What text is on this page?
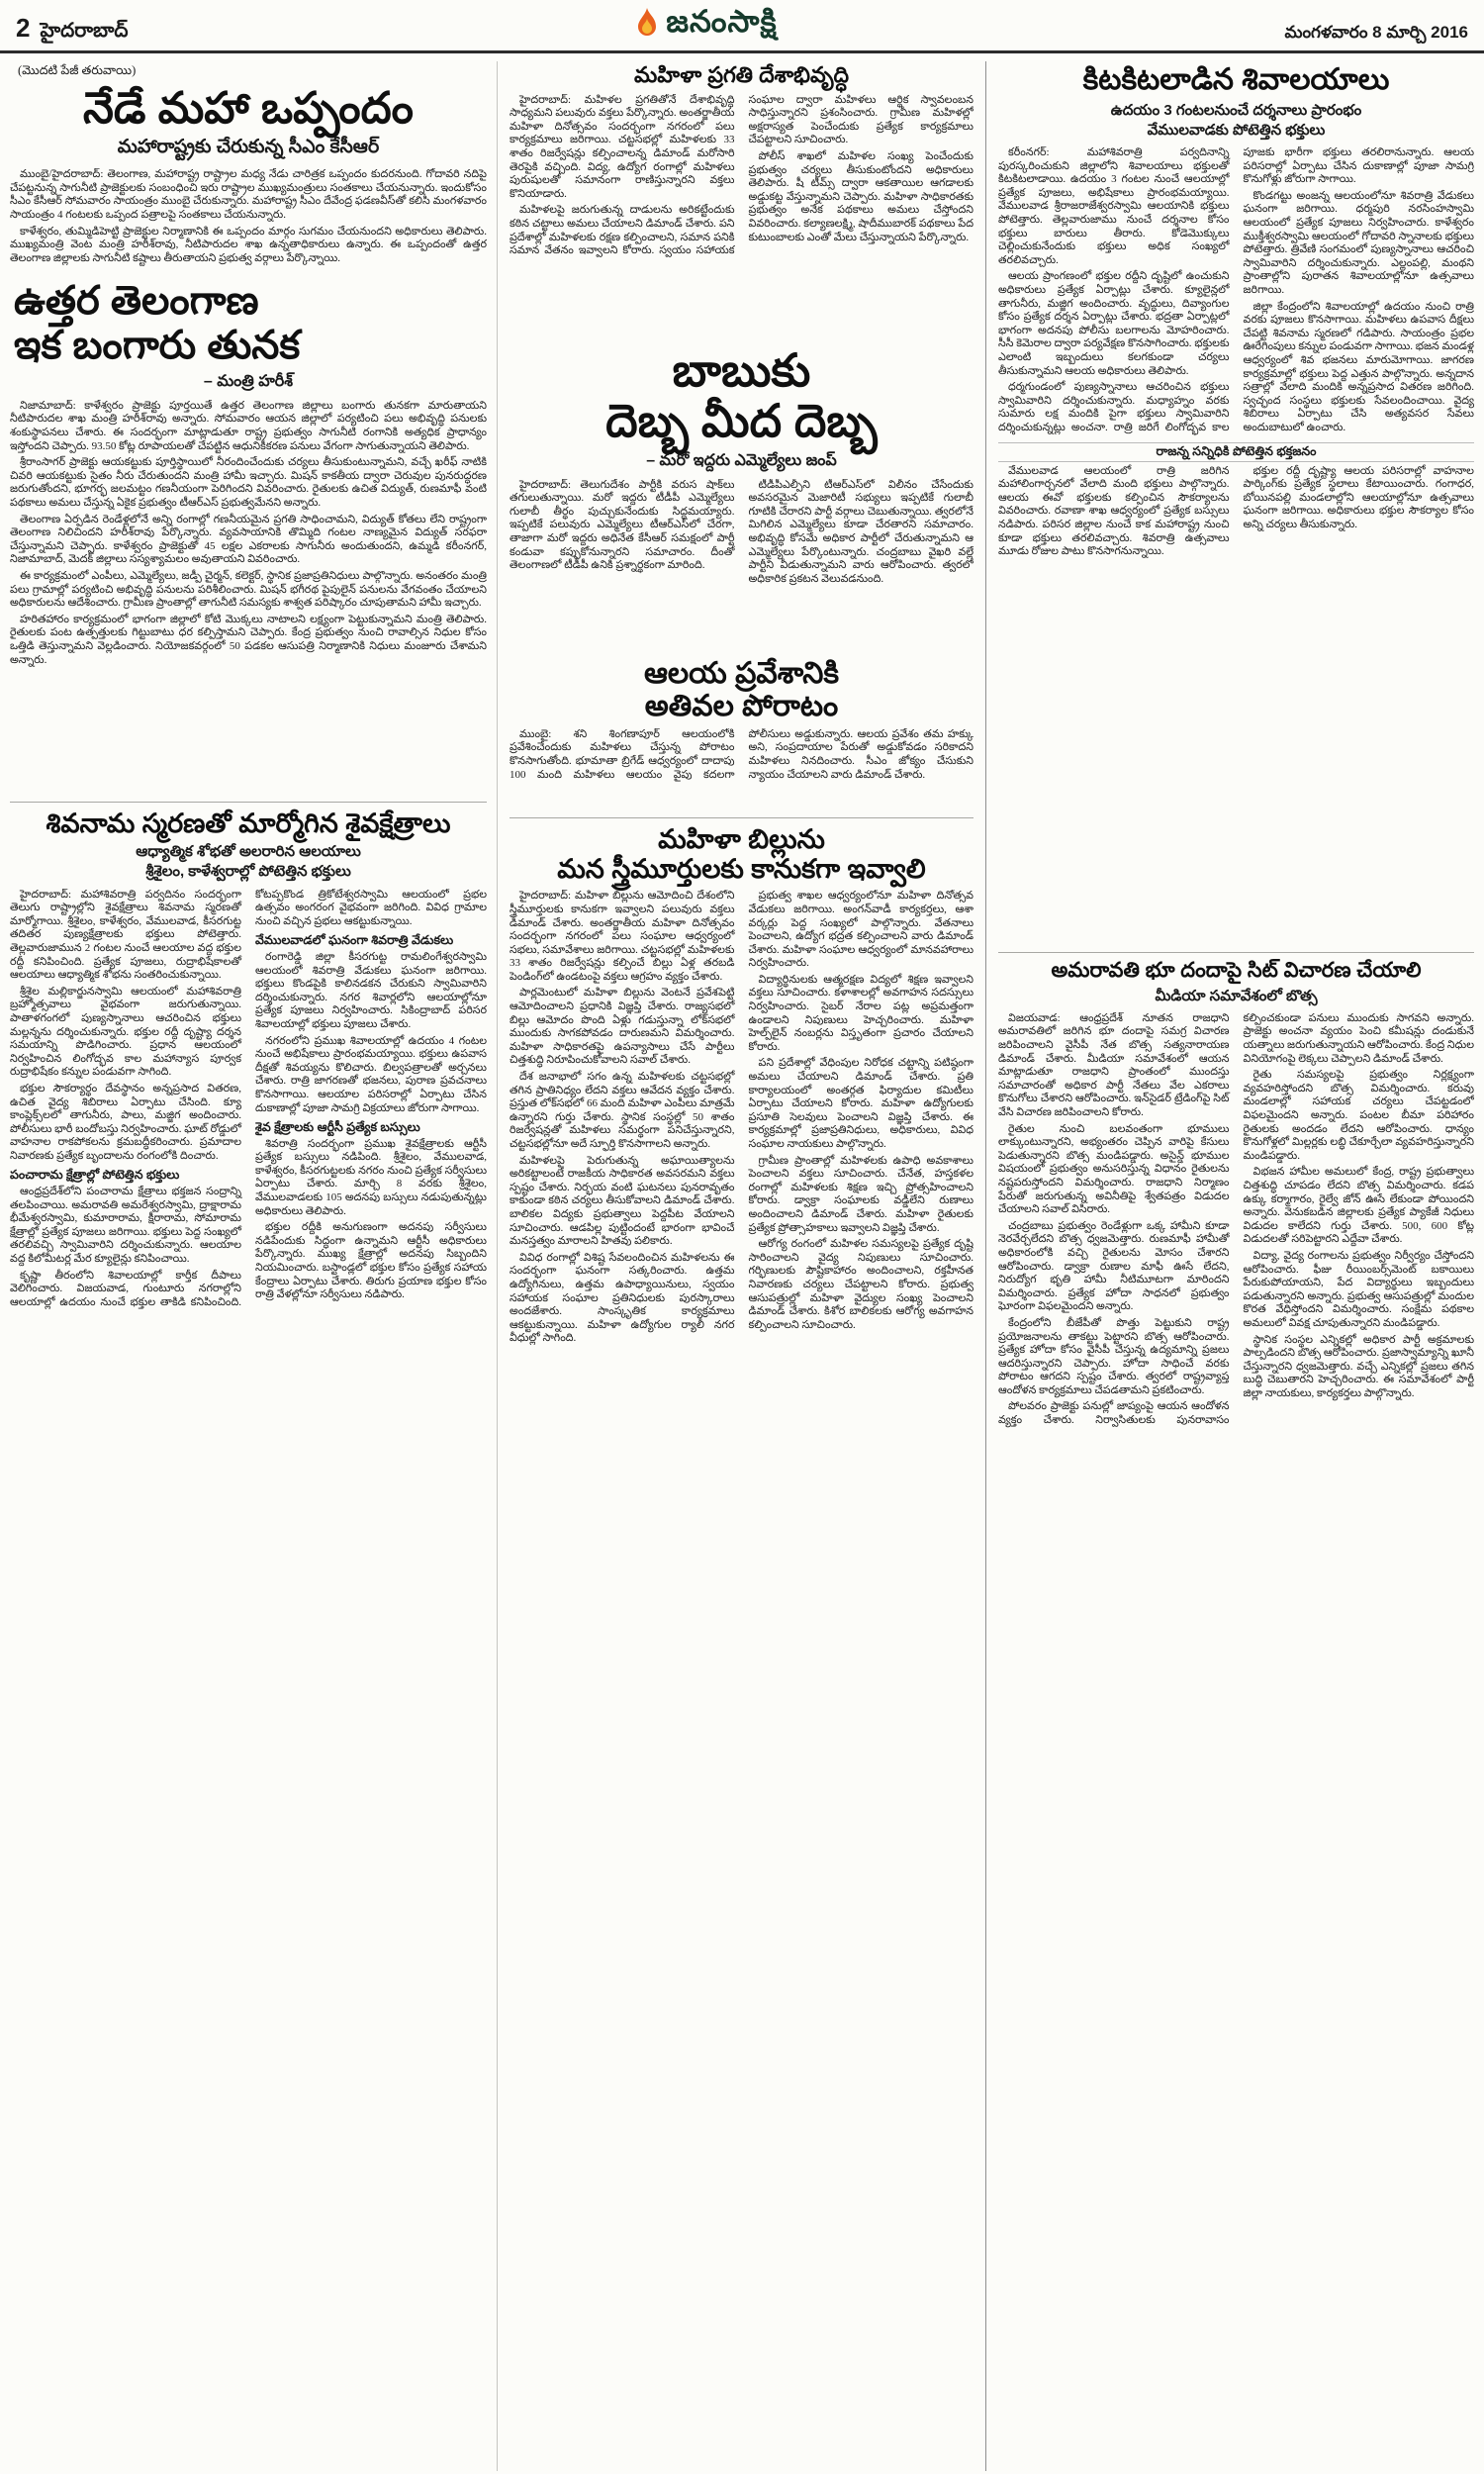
2 హైదరాబాద్	జనంసాక్షి	మంగళవారం 8 మార్చి 2016
(మొదటి పేజీ తరువాయి)
నేడే మహా ఒప్పందం
మహారాష్ట్రకు చేరుకున్న సీఎం కేసీఆర్

ముంబై/హైదరాబాద్: తెలంగాణ, మహారాష్ట్ర రాష్ట్రాల మధ్య నేడు చారిత్రక ఒప్పందం కుదరనుంది. గోదావరి నదిపై చేపట్టనున్న సాగునీటి ప్రాజెక్టులకు సంబంధించి ఇరు రాష్ట్రాల ముఖ్యమంత్రులు సంతకాలు చేయనున్నారు. ఇందుకోసం సీఎం కేసీఆర్ సోమవారం సాయంత్రం ముంబై చేరుకున్నారు. మహారాష్ట్ర సీఎం దేవేంద్ర ఫడణవీస్‌తో కలిసి మంగళవారం సాయంత్రం 4 గంటలకు ఒప్పంద పత్రాలపై సంతకాలు చేయనున్నారు.

కాళేశ్వరం, తుమ్మిడిహెట్టి ప్రాజెక్టుల నిర్మాణానికి ఈ ఒప్పందం మార్గం సుగమం చేయనుందని అధికారులు తెలిపారు. ముఖ్యమంత్రి వెంట మంత్రి హరీశ్‌రావు, నీటిపారుదల శాఖ ఉన్నతాధికారులు ఉన్నారు. ఈ ఒప్పందంతో ఉత్తర తెలంగాణ జిల్లాలకు సాగునీటి కష్టాలు తీరుతాయని ప్రభుత్వ వర్గాలు పేర్కొన్నాయి.

ఉత్తర తెలంగాణ
ఇక బంగారు తునక
– మంత్రి హరీశ్

నిజామాబాద్: కాళేశ్వరం ప్రాజెక్టు పూర్తయితే ఉత్తర తెలంగాణ జిల్లాలు బంగారు తునకగా మారుతాయని నీటిపారుదల శాఖ మంత్రి హరీశ్‌రావు అన్నారు. సోమవారం ఆయన జిల్లాలో పర్యటించి పలు అభివృద్ధి పనులకు శంకుస్థాపనలు చేశారు. ఈ సందర్భంగా మాట్లాడుతూ రాష్ట్ర ప్రభుత్వం సాగునీటి రంగానికి అత్యధిక ప్రాధాన్యం ఇస్తోందని చెప్పారు. 93.50 కోట్ల రూపాయలతో చేపట్టిన ఆధునికీకరణ పనులు వేగంగా సాగుతున్నాయని తెలిపారు.

శ్రీరాంసాగర్ ప్రాజెక్టు ఆయకట్టుకు పూర్తిస్థాయిలో నీరందించేందుకు చర్యలు తీసుకుంటున్నామని, వచ్చే ఖరీఫ్ నాటికి చివరి ఆయకట్టుకు సైతం నీరు చేరుతుందని మంత్రి హామీ ఇచ్చారు. మిషన్ కాకతీయ ద్వారా చెరువుల పునరుద్ధరణ జరుగుతోందని, భూగర్భ జలమట్టం గణనీయంగా పెరిగిందని వివరించారు. రైతులకు ఉచిత విద్యుత్, రుణమాఫీ వంటి పథకాలు అమలు చేస్తున్న ఏకైక ప్రభుత్వం టీఆర్ఎస్ ప్రభుత్వమేనని అన్నారు.

తెలంగాణ ఏర్పడిన రెండేళ్లలోనే అన్ని రంగాల్లో గణనీయమైన ప్రగతి సాధించామని, విద్యుత్ కోతలు లేని రాష్ట్రంగా తెలంగాణ నిలిచిందని హరీశ్‌రావు పేర్కొన్నారు. వ్యవసాయానికి తొమ్మిది గంటల నాణ్యమైన విద్యుత్ సరఫరా చేస్తున్నామని చెప్పారు. కాళేశ్వరం ప్రాజెక్టుతో 45 లక్షల ఎకరాలకు సాగునీరు అందుతుందని, ఉమ్మడి కరీంనగర్, నిజామాబాద్, మెదక్ జిల్లాలు సస్యశ్యామలం అవుతాయని వివరించారు.

ఈ కార్యక్రమంలో ఎంపీలు, ఎమ్మెల్యేలు, జడ్పీ చైర్మన్, కలెక్టర్, స్థానిక ప్రజాప్రతినిధులు పాల్గొన్నారు. అనంతరం మంత్రి పలు గ్రామాల్లో పర్యటించి అభివృద్ధి పనులను పరిశీలించారు. మిషన్ భగీరథ పైపులైన్ పనులను వేగవంతం చేయాలని అధికారులను ఆదేశించారు. గ్రామీణ ప్రాంతాల్లో తాగునీటి సమస్యకు శాశ్వత పరిష్కారం చూపుతామని హామీ ఇచ్చారు.

హరితహారం కార్యక్రమంలో భాగంగా జిల్లాలో కోటి మొక్కలు నాటాలని లక్ష్యంగా పెట్టుకున్నామని మంత్రి తెలిపారు. రైతులకు పంట ఉత్పత్తులకు గిట్టుబాటు ధర కల్పిస్తామని చెప్పారు. కేంద్ర ప్రభుత్వం నుంచి రావాల్సిన నిధుల కోసం ఒత్తిడి తెస్తున్నామని వెల్లడించారు. నియోజకవర్గంలో 50 పడకల ఆసుపత్రి నిర్మాణానికి నిధులు మంజూరు చేశామని అన్నారు.

శివనామ స్మరణతో మార్మోగిన శైవక్షేత్రాలు
ఆధ్యాత్మిక శోభతో అలరారిన ఆలయాలు
శ్రీశైలం, కాళేశ్వరాల్లో పోటెత్తిన భక్తులు

హైదరాబాద్: మహాశివరాత్రి పర్వదినం సందర్భంగా తెలుగు రాష్ట్రాల్లోని శైవక్షేత్రాలు శివనామ స్మరణతో మార్మోగాయి. శ్రీశైలం, కాళేశ్వరం, వేములవాడ, కీసరగుట్ట తదితర పుణ్యక్షేత్రాలకు భక్తులు పోటెత్తారు. తెల్లవారుజామున 2 గంటల నుంచే ఆలయాల వద్ద భక్తుల రద్దీ కనిపించింది. ప్రత్యేక పూజలు, రుద్రాభిషేకాలతో ఆలయాలు ఆధ్యాత్మిక శోభను సంతరించుకున్నాయి.

శ్రీశైల మల్లికార్జునస్వామి ఆలయంలో మహాశివరాత్రి బ్రహ్మోత్సవాలు వైభవంగా జరుగుతున్నాయి. పాతాళగంగలో పుణ్యస్నానాలు ఆచరించిన భక్తులు మల్లన్నను దర్శించుకున్నారు. భక్తుల రద్దీ దృష్ట్యా దర్శన సమయాన్ని పొడిగించారు. ప్రధాన ఆలయంలో నిర్వహించిన లింగోద్భవ కాల మహాన్యాస పూర్వక రుద్రాభిషేకం కన్నుల పండువగా సాగింది.

భక్తుల సౌకర్యార్థం దేవస్థానం అన్నప్రసాద వితరణ, ఉచిత వైద్య శిబిరాలు ఏర్పాటు చేసింది. క్యూ కాంప్లెక్స్‌లలో తాగునీరు, పాలు, మజ్జిగ అందించారు. పోలీసులు భారీ బందోబస్తు నిర్వహించారు. ఘాట్ రోడ్డులో వాహనాల రాకపోకలను క్రమబద్ధీకరించారు. ప్రమాదాల నివారణకు ప్రత్యేక బృందాలను రంగంలోకి దించారు.

పంచారామ క్షేత్రాల్లో పోటెత్తిన భక్తులు

ఆంధ్రప్రదేశ్‌లోని పంచారామ క్షేత్రాలు భక్తజన సంద్రాన్ని తలపించాయి. అమరావతి అమరేశ్వరస్వామి, ద్రాక్షారామ భీమేశ్వరస్వామి, కుమారారామ, క్షీరారామ, సోమారామ క్షేత్రాల్లో ప్రత్యేక పూజలు జరిగాయి. భక్తులు పెద్ద సంఖ్యలో తరలివచ్చి స్వామివారిని దర్శించుకున్నారు. ఆలయాల వద్ద కిలోమీటర్ల మేర క్యూలైన్లు కనిపించాయి.

కృష్ణా తీరంలోని శివాలయాల్లో కార్తీక దీపాలు వెలిగించారు. విజయవాడ, గుంటూరు నగరాల్లోని ఆలయాల్లో ఉదయం నుంచే భక్తుల తాకిడి కనిపించింది. కోటప్పకొండ త్రికోటేశ్వరస్వామి ఆలయంలో ప్రభల ఉత్సవం అంగరంగ వైభవంగా జరిగింది. వివిధ గ్రామాల నుంచి వచ్చిన ప్రభలు ఆకట్టుకున్నాయి.

వేములవాడలో ఘనంగా శివరాత్రి వేడుకలు

రంగారెడ్డి జిల్లా కీసరగుట్ట రామలింగేశ్వరస్వామి ఆలయంలో శివరాత్రి వేడుకలు ఘనంగా జరిగాయి. భక్తులు కొండపైకి కాలినడకన చేరుకుని స్వామివారిని దర్శించుకున్నారు. నగర శివార్లలోని ఆలయాల్లోనూ ప్రత్యేక పూజలు నిర్వహించారు. సికింద్రాబాద్ పరిసర శివాలయాల్లో భక్తులు పూజలు చేశారు.

నగరంలోని ప్రముఖ శివాలయాల్లో ఉదయం 4 గంటల నుంచే అభిషేకాలు ప్రారంభమయ్యాయి. భక్తులు ఉపవాస దీక్షతో శివయ్యను కొలిచారు. బిల్వపత్రాలతో అర్చనలు చేశారు. రాత్రి జాగరణతో భజనలు, పురాణ ప్రవచనాలు కొనసాగాయి. ఆలయాల పరిసరాల్లో ఏర్పాటు చేసిన దుకాణాల్లో పూజా సామగ్రి విక్రయాలు జోరుగా సాగాయి.

శైవ క్షేత్రాలకు ఆర్టీసీ ప్రత్యేక బస్సులు

శివరాత్రి సందర్భంగా ప్రముఖ శైవక్షేత్రాలకు ఆర్టీసీ ప్రత్యేక బస్సులు నడిపింది. శ్రీశైలం, వేములవాడ, కాళేశ్వరం, కీసరగుట్టలకు నగరం నుంచి ప్రత్యేక సర్వీసులు ఏర్పాటు చేశారు. మార్చి 8 వరకు శ్రీశైలం, వేములవాడలకు 105 అదనపు బస్సులు నడుపుతున్నట్లు అధికారులు తెలిపారు.

భక్తుల రద్దీకి అనుగుణంగా అదనపు సర్వీసులు నడిపేందుకు సిద్ధంగా ఉన్నామని ఆర్టీసీ అధికారులు పేర్కొన్నారు. ముఖ్య క్షేత్రాల్లో అదనపు సిబ్బందిని నియమించారు. బస్టాండ్లలో భక్తుల కోసం ప్రత్యేక సహాయ కేంద్రాలు ఏర్పాటు చేశారు. తిరుగు ప్రయాణ భక్తుల కోసం రాత్రి వేళల్లోనూ సర్వీసులు నడిపారు.

మహిళా ప్రగతి దేశాభివృద్ధి

హైదరాబాద్: మహిళల ప్రగతితోనే దేశాభివృద్ధి సాధ్యమని పలువురు వక్తలు పేర్కొన్నారు. అంతర్జాతీయ మహిళా దినోత్సవం సందర్భంగా నగరంలో పలు కార్యక్రమాలు జరిగాయి. చట్టసభల్లో మహిళలకు 33 శాతం రిజర్వేషన్లు కల్పించాలన్న డిమాండ్ మరోసారి తెరపైకి వచ్చింది. విద్య, ఉద్యోగ రంగాల్లో మహిళలు పురుషులతో సమానంగా రాణిస్తున్నారని వక్తలు కొనియాడారు.

మహిళలపై జరుగుతున్న దాడులను అరికట్టేందుకు కఠిన చట్టాలు అమలు చేయాలని డిమాండ్ చేశారు. పని ప్రదేశాల్లో మహిళలకు రక్షణ కల్పించాలని, సమాన పనికి సమాన వేతనం ఇవ్వాలని కోరారు. స్వయం సహాయక సంఘాల ద్వారా మహిళలు ఆర్థిక స్వావలంబన సాధిస్తున్నారని ప్రశంసించారు. గ్రామీణ మహిళల్లో అక్షరాస్యత పెంచేందుకు ప్రత్యేక కార్యక్రమాలు చేపట్టాలని సూచించారు.

పోలీస్ శాఖలో మహిళల సంఖ్య పెంచేందుకు ప్రభుత్వం చర్యలు తీసుకుంటోందని అధికారులు తెలిపారు. షీ టీమ్స్ ద్వారా ఆకతాయిల ఆగడాలకు అడ్డుకట్ట వేస్తున్నామని చెప్పారు. మహిళా సాధికారతకు ప్రభుత్వం అనేక పథకాలు అమలు చేస్తోందని వివరించారు. కల్యాణలక్ష్మి, షాదీముబారక్ పథకాలు పేద కుటుంబాలకు ఎంతో మేలు చేస్తున్నాయని పేర్కొన్నారు.

బాబుకు
దెబ్బ మీద దెబ్బ
– మరో ఇద్దరు ఎమ్మెల్యేలు జంప్

హైదరాబాద్: తెలుగుదేశం పార్టీకి వరుస షాక్‌లు తగులుతున్నాయి. మరో ఇద్దరు టీడీపీ ఎమ్మెల్యేలు గులాబీ తీర్థం పుచ్చుకునేందుకు సిద్ధమయ్యారు. ఇప్పటికే పలువురు ఎమ్మెల్యేలు టీఆర్ఎస్‌లో చేరగా, తాజాగా మరో ఇద్దరు అధినేత కేసీఆర్ సమక్షంలో పార్టీ కండువా కప్పుకోనున్నారని సమాచారం. దీంతో తెలంగాణలో టీడీపీ ఉనికి ప్రశ్నార్థకంగా మారింది.

టీడీపీఎల్పీని టీఆర్ఎస్‌లో విలీనం చేసేందుకు అవసరమైన మెజారిటీ సభ్యులు ఇప్పటికే గులాబీ గూటికి చేరారని పార్టీ వర్గాలు చెబుతున్నాయి. త్వరలోనే మిగిలిన ఎమ్మెల్యేలు కూడా చేరతారని సమాచారం. అభివృద్ధి కోసమే అధికార పార్టీలో చేరుతున్నామని ఆ ఎమ్మెల్యేలు పేర్కొంటున్నారు. చంద్రబాబు వైఖరి వల్లే పార్టీని వీడుతున్నామని వారు ఆరోపించారు. త్వరలో అధికారిక ప్రకటన వెలువడనుంది.

ఆలయ ప్రవేశానికి
అతివల పోరాటం

ముంబై: శని శింగణాపూర్ ఆలయంలోకి ప్రవేశించేందుకు మహిళలు చేస్తున్న పోరాటం కొనసాగుతోంది. భూమాతా బ్రిగేడ్ ఆధ్వర్యంలో దాదాపు 100 మంది మహిళలు ఆలయం వైపు కదలగా పోలీసులు అడ్డుకున్నారు. ఆలయ ప్రవేశం తమ హక్కు అని, సంప్రదాయాల పేరుతో అడ్డుకోవడం సరికాదని మహిళలు నినదించారు. సీఎం జోక్యం చేసుకుని న్యాయం చేయాలని వారు డిమాండ్ చేశారు.

మహిళా బిల్లును
మన స్త్రీమూర్తులకు కానుకగా ఇవ్వాలి

హైదరాబాద్: మహిళా బిల్లును ఆమోదించి దేశంలోని స్త్రీమూర్తులకు కానుకగా ఇవ్వాలని పలువురు వక్తలు డిమాండ్ చేశారు. అంతర్జాతీయ మహిళా దినోత్సవం సందర్భంగా నగరంలో పలు సంఘాల ఆధ్వర్యంలో సభలు, సమావేశాలు జరిగాయి. చట్టసభల్లో మహిళలకు 33 శాతం రిజర్వేషన్లు కల్పించే బిల్లు ఏళ్ల తరబడి పెండింగ్‌లో ఉండటంపై వక్తలు ఆగ్రహం వ్యక్తం చేశారు.

పార్లమెంటులో మహిళా బిల్లును వెంటనే ప్రవేశపెట్టి ఆమోదించాలని ప్రధానికి విజ్ఞప్తి చేశారు. రాజ్యసభలో బిల్లు ఆమోదం పొంది ఏళ్లు గడుస్తున్నా లోక్‌సభలో ముందుకు సాగకపోవడం దారుణమని విమర్శించారు. మహిళా సాధికారతపై ఉపన్యాసాలు చేసే పార్టీలు చిత్తశుద్ధి నిరూపించుకోవాలని సవాల్ చేశారు.

దేశ జనాభాలో సగం ఉన్న మహిళలకు చట్టసభల్లో తగిన ప్రాతినిధ్యం లేదని వక్తలు ఆవేదన వ్యక్తం చేశారు. ప్రస్తుత లోక్‌సభలో 66 మంది మహిళా ఎంపీలు మాత్రమే ఉన్నారని గుర్తు చేశారు. స్థానిక సంస్థల్లో 50 శాతం రిజర్వేషన్లతో మహిళలు సమర్థంగా పనిచేస్తున్నారని, చట్టసభల్లోనూ అదే స్ఫూర్తి కొనసాగాలని అన్నారు.

మహిళలపై పెరుగుతున్న అఘాయిత్యాలను అరికట్టాలంటే రాజకీయ సాధికారత అవసరమని వక్తలు స్పష్టం చేశారు. నిర్భయ వంటి ఘటనలు పునరావృతం కాకుండా కఠిన చర్యలు తీసుకోవాలని డిమాండ్ చేశారు. బాలికల విద్యకు ప్రభుత్వాలు పెద్దపీట వేయాలని సూచించారు. ఆడపిల్ల పుట్టిందంటే భారంగా భావించే మనస్తత్వం మారాలని హితవు పలికారు.

వివిధ రంగాల్లో విశిష్ట సేవలందించిన మహిళలను ఈ సందర్భంగా ఘనంగా సత్కరించారు. ఉత్తమ ఉద్యోగినులు, ఉత్తమ ఉపాధ్యాయినులు, స్వయం సహాయక సంఘాల ప్రతినిధులకు పురస్కారాలు అందజేశారు. సాంస్కృతిక కార్యక్రమాలు ఆకట్టుకున్నాయి. మహిళా ఉద్యోగుల ర్యాలీ నగర వీధుల్లో సాగింది.

ప్రభుత్వ శాఖల ఆధ్వర్యంలోనూ మహిళా దినోత్సవ వేడుకలు జరిగాయి. అంగన్‌వాడీ కార్యకర్తలు, ఆశా వర్కర్లు పెద్ద సంఖ్యలో పాల్గొన్నారు. వేతనాలు పెంచాలని, ఉద్యోగ భద్రత కల్పించాలని వారు డిమాండ్ చేశారు. మహిళా సంఘాల ఆధ్వర్యంలో మానవహారాలు నిర్వహించారు.

విద్యార్థినులకు ఆత్మరక్షణ విద్యలో శిక్షణ ఇవ్వాలని వక్తలు సూచించారు. కళాశాలల్లో అవగాహన సదస్సులు నిర్వహించారు. సైబర్ నేరాల పట్ల అప్రమత్తంగా ఉండాలని నిపుణులు హెచ్చరించారు. మహిళా హెల్ప్‌లైన్ నంబర్లను విస్తృతంగా ప్రచారం చేయాలని కోరారు.

పని ప్రదేశాల్లో వేధింపుల నిరోధక చట్టాన్ని పటిష్ఠంగా అమలు చేయాలని డిమాండ్ చేశారు. ప్రతి కార్యాలయంలో అంతర్గత ఫిర్యాదుల కమిటీలు ఏర్పాటు చేయాలని కోరారు. మహిళా ఉద్యోగులకు ప్రసూతి సెలవులు పెంచాలని విజ్ఞప్తి చేశారు. ఈ కార్యక్రమాల్లో ప్రజాప్రతినిధులు, అధికారులు, వివిధ సంఘాల నాయకులు పాల్గొన్నారు.

గ్రామీణ ప్రాంతాల్లో మహిళలకు ఉపాధి అవకాశాలు పెంచాలని వక్తలు సూచించారు. చేనేత, హస్తకళల రంగాల్లో మహిళలకు శిక్షణ ఇచ్చి ప్రోత్సహించాలని కోరారు. డ్వాక్రా సంఘాలకు వడ్డీలేని రుణాలు అందించాలని డిమాండ్ చేశారు. మహిళా రైతులకు ప్రత్యేక ప్రోత్సాహకాలు ఇవ్వాలని విజ్ఞప్తి చేశారు.

ఆరోగ్య రంగంలో మహిళల సమస్యలపై ప్రత్యేక దృష్టి సారించాలని వైద్య నిపుణులు సూచించారు. గర్భిణులకు పౌష్టికాహారం అందించాలని, రక్తహీనత నివారణకు చర్యలు చేపట్టాలని కోరారు. ప్రభుత్వ ఆసుపత్రుల్లో మహిళా వైద్యుల సంఖ్య పెంచాలని డిమాండ్ చేశారు. కిశోర బాలికలకు ఆరోగ్య అవగాహన కల్పించాలని సూచించారు.

కిటకిటలాడిన శివాలయాలు
ఉదయం 3 గంటలనుంచే దర్శనాలు ప్రారంభం
వేములవాడకు పోటెత్తిన భక్తులు

కరీంనగర్: మహాశివరాత్రి పర్వదినాన్ని పురస్కరించుకుని జిల్లాలోని శివాలయాలు భక్తులతో కిటకిటలాడాయి. ఉదయం 3 గంటల నుంచే ఆలయాల్లో ప్రత్యేక పూజలు, అభిషేకాలు ప్రారంభమయ్యాయి. వేములవాడ శ్రీరాజరాజేశ్వరస్వామి ఆలయానికి భక్తులు పోటెత్తారు. తెల్లవారుజాము నుంచే దర్శనాల కోసం భక్తులు బారులు తీరారు. కోడెమొక్కులు చెల్లించుకునేందుకు భక్తులు అధిక సంఖ్యలో తరలివచ్చారు.

ఆలయ ప్రాంగణంలో భక్తుల రద్దీని దృష్టిలో ఉంచుకుని అధికారులు ప్రత్యేక ఏర్పాట్లు చేశారు. క్యూలైన్లలో తాగునీరు, మజ్జిగ అందించారు. వృద్ధులు, దివ్యాంగుల కోసం ప్రత్యేక దర్శన ఏర్పాట్లు చేశారు. భద్రతా ఏర్పాట్లలో భాగంగా అదనపు పోలీసు బలగాలను మోహరించారు. సీసీ కెమెరాల ద్వారా పర్యవేక్షణ కొనసాగించారు. భక్తులకు ఎలాంటి ఇబ్బందులు కలగకుండా చర్యలు తీసుకున్నామని ఆలయ అధికారులు తెలిపారు.

ధర్మగుండంలో పుణ్యస్నానాలు ఆచరించిన భక్తులు స్వామివారిని దర్శించుకున్నారు. మధ్యాహ్నం వరకు సుమారు లక్ష మందికి పైగా భక్తులు స్వామివారిని దర్శించుకున్నట్లు అంచనా. రాత్రి జరిగే లింగోద్భవ కాల పూజకు భారీగా భక్తులు తరలిరానున్నారు. ఆలయ పరిసరాల్లో ఏర్పాటు చేసిన దుకాణాల్లో పూజా సామగ్రి కొనుగోళ్లు జోరుగా సాగాయి.

కొండగట్టు అంజన్న ఆలయంలోనూ శివరాత్రి వేడుకలు ఘనంగా జరిగాయి. ధర్మపురి నరసింహస్వామి ఆలయంలో ప్రత్యేక పూజలు నిర్వహించారు. కాళేశ్వరం ముక్తీశ్వరస్వామి ఆలయంలో గోదావరి స్నానాలకు భక్తులు పోటెత్తారు. త్రివేణి సంగమంలో పుణ్యస్నానాలు ఆచరించి స్వామివారిని దర్శించుకున్నారు. ఎల్లంపల్లి, మంథని ప్రాంతాల్లోని పురాతన శివాలయాల్లోనూ ఉత్సవాలు జరిగాయి.

జిల్లా కేంద్రంలోని శివాలయాల్లో ఉదయం నుంచి రాత్రి వరకు పూజలు కొనసాగాయి. మహిళలు ఉపవాస దీక్షలు చేపట్టి శివనామ స్మరణలో గడిపారు. సాయంత్రం ప్రభల ఊరేగింపులు కన్నుల పండువగా సాగాయి. భజన మండళ్ల ఆధ్వర్యంలో శివ భజనలు మారుమోగాయి. జాగరణ కార్యక్రమాల్లో భక్తులు పెద్ద ఎత్తున పాల్గొన్నారు. అన్నదాన సత్రాల్లో వేలాది మందికి అన్నప్రసాద వితరణ జరిగింది. స్వచ్ఛంద సంస్థలు భక్తులకు సేవలందించాయి. వైద్య శిబిరాలు ఏర్పాటు చేసి అత్యవసర సేవలు అందుబాటులో ఉంచారు.

రాజన్న సన్నిధికి పోటెత్తిన భక్తజనం

వేములవాడ ఆలయంలో రాత్రి జరిగిన మహాలింగార్చనలో వేలాది మంది భక్తులు పాల్గొన్నారు. ఆలయ ఈవో భక్తులకు కల్పించిన సౌకర్యాలను వివరించారు. రవాణా శాఖ ఆధ్వర్యంలో ప్రత్యేక బస్సులు నడిపారు. పరిసర జిల్లాల నుంచే కాక మహారాష్ట్ర నుంచి కూడా భక్తులు తరలివచ్చారు. శివరాత్రి ఉత్సవాలు మూడు రోజుల పాటు కొనసాగనున్నాయి.

భక్తుల రద్దీ దృష్ట్యా ఆలయ పరిసరాల్లో వాహనాల పార్కింగ్‌కు ప్రత్యేక స్థలాలు కేటాయించారు. గంగాధర, బోయినపల్లి మండలాల్లోని ఆలయాల్లోనూ ఉత్సవాలు ఘనంగా జరిగాయి. అధికారులు భక్తుల సౌకర్యాల కోసం అన్ని చర్యలు తీసుకున్నారు.

అమరావతి భూ దందాపై సిట్ విచారణ చేయాలి
మీడియా సమావేశంలో బొత్స

విజయవాడ: ఆంధ్రప్రదేశ్ నూతన రాజధాని అమరావతిలో జరిగిన భూ దందాపై సమగ్ర విచారణ జరిపించాలని వైసీపీ నేత బొత్స సత్యనారాయణ డిమాండ్ చేశారు. మీడియా సమావేశంలో ఆయన మాట్లాడుతూ రాజధాని ప్రాంతంలో ముందస్తు సమాచారంతో అధికార పార్టీ నేతలు వేల ఎకరాలు కొనుగోలు చేశారని ఆరోపించారు. ఇన్‌సైడర్ ట్రేడింగ్‌పై సిట్ వేసి విచారణ జరిపించాలని కోరారు.

రైతుల నుంచి బలవంతంగా భూములు లాక్కుంటున్నారని, అభ్యంతరం చెప్పిన వారిపై కేసులు పెడుతున్నారని బొత్స మండిపడ్డారు. అసైన్డ్ భూముల విషయంలో ప్రభుత్వం అనుసరిస్తున్న విధానం రైతులను నష్టపరుస్తోందని విమర్శించారు. రాజధాని నిర్మాణం పేరుతో జరుగుతున్న అవినీతిపై శ్వేతపత్రం విడుదల చేయాలని సవాల్ విసిరారు.

చంద్రబాబు ప్రభుత్వం రెండేళ్లుగా ఒక్క హామీని కూడా నెరవేర్చలేదని బొత్స ధ్వజమెత్తారు. రుణమాఫీ హామీతో అధికారంలోకి వచ్చి రైతులను మోసం చేశారని ఆరోపించారు. డ్వాక్రా రుణాల మాఫీ ఊసే లేదని, నిరుద్యోగ భృతి హామీ నీటిమూటగా మారిందని విమర్శించారు. ప్రత్యేక హోదా సాధనలో ప్రభుత్వం ఘోరంగా విఫలమైందని అన్నారు.

కేంద్రంలోని బీజేపీతో పొత్తు పెట్టుకుని రాష్ట్ర ప్రయోజనాలను తాకట్టు పెట్టారని బొత్స ఆరోపించారు. ప్రత్యేక హోదా కోసం వైసీపీ చేస్తున్న ఉద్యమాన్ని ప్రజలు ఆదరిస్తున్నారని చెప్పారు. హోదా సాధించే వరకు పోరాటం ఆగదని స్పష్టం చేశారు. త్వరలో రాష్ట్రవ్యాప్త ఆందోళన కార్యక్రమాలు చేపడతామని ప్రకటించారు.

పోలవరం ప్రాజెక్టు పనుల్లో జాప్యంపై ఆయన ఆందోళన వ్యక్తం చేశారు. నిర్వాసితులకు పునరావాసం కల్పించకుండా పనులు ముందుకు సాగవని అన్నారు. ప్రాజెక్టు అంచనా వ్యయం పెంచి కమీషన్లు దండుకునే యత్నాలు జరుగుతున్నాయని ఆరోపించారు. కేంద్ర నిధుల వినియోగంపై లెక్కలు చెప్పాలని డిమాండ్ చేశారు.

రైతు సమస్యలపై ప్రభుత్వం నిర్లక్ష్యంగా వ్యవహరిస్తోందని బొత్స విమర్శించారు. కరువు మండలాల్లో సహాయక చర్యలు చేపట్టడంలో విఫలమైందని అన్నారు. పంటల బీమా పరిహారం రైతులకు అందడం లేదని ఆరోపించారు. ధాన్యం కొనుగోళ్లలో మిల్లర్లకు లబ్ధి చేకూర్చేలా వ్యవహరిస్తున్నారని మండిపడ్డారు.

విభజన హామీల అమలులో కేంద్ర, రాష్ట్ర ప్రభుత్వాలు చిత్తశుద్ధి చూపడం లేదని బొత్స విమర్శించారు. కడప ఉక్కు కర్మాగారం, రైల్వే జోన్ ఊసే లేకుండా పోయిందని అన్నారు. వెనుకబడిన జిల్లాలకు ప్రత్యేక ప్యాకేజీ నిధులు విడుదల కాలేదని గుర్తు చేశారు. 500, 600 కోట్ల విడుదలతో సరిపెట్టారని ఎద్దేవా చేశారు.

విద్యా, వైద్య రంగాలను ప్రభుత్వం నిర్వీర్యం చేస్తోందని ఆరోపించారు. ఫీజు రీయింబర్స్‌మెంట్ బకాయిలు పేరుకుపోయాయని, పేద విద్యార్థులు ఇబ్బందులు పడుతున్నారని అన్నారు. ప్రభుత్వ ఆసుపత్రుల్లో మందుల కొరత వేధిస్తోందని విమర్శించారు. సంక్షేమ పథకాల అమలులో వివక్ష చూపుతున్నారని మండిపడ్డారు.

స్థానిక సంస్థల ఎన్నికల్లో అధికార పార్టీ అక్రమాలకు పాల్పడిందని బొత్స ఆరోపించారు. ప్రజాస్వామ్యాన్ని ఖూనీ చేస్తున్నారని ధ్వజమెత్తారు. వచ్చే ఎన్నికల్లో ప్రజలు తగిన బుద్ధి చెబుతారని హెచ్చరించారు. ఈ సమావేశంలో పార్టీ జిల్లా నాయకులు, కార్యకర్తలు పాల్గొన్నారు.
